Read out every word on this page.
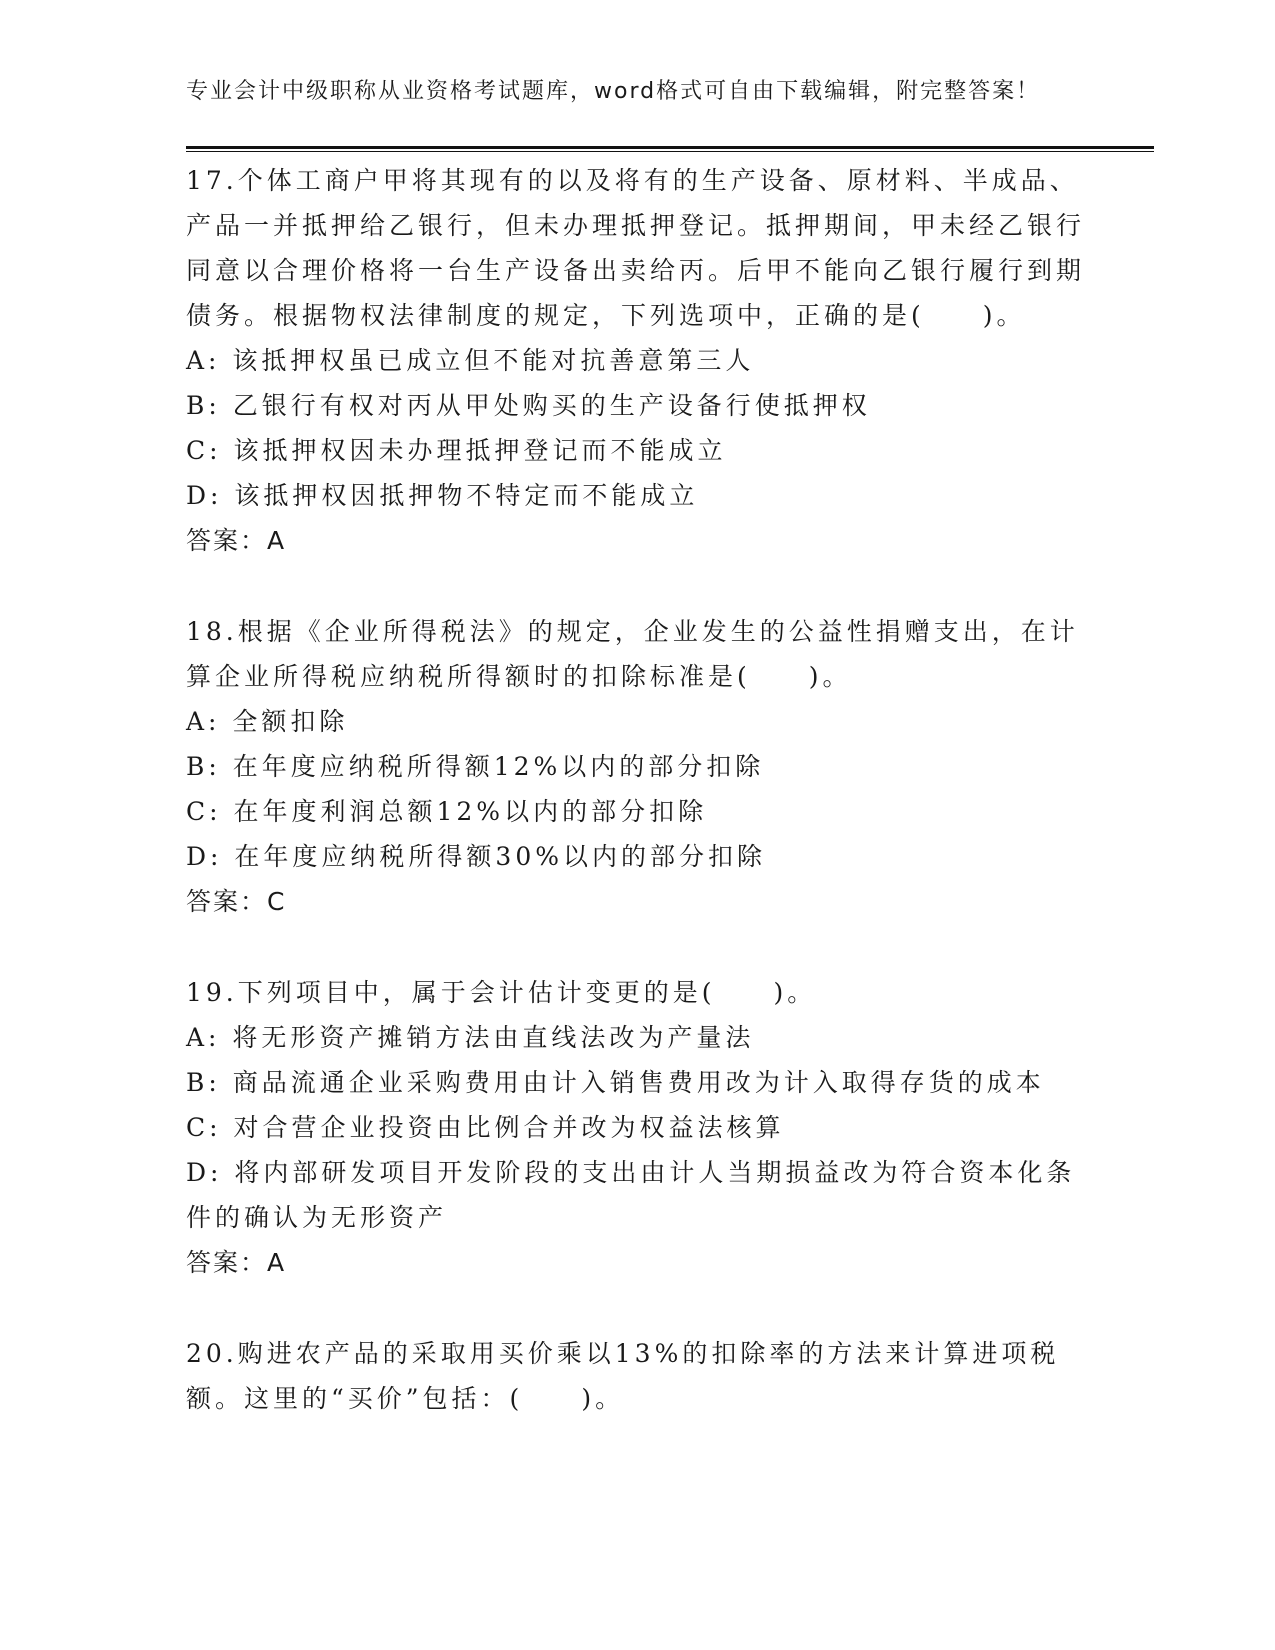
专业会计中级职称从业资格考试题库，word格式可自由下载编辑，附完整答案！

17.个体工商户甲将其现有的以及将有的生产设备、原材料、半成品、产品一并抵押给乙银行，但未办理抵押登记。抵押期间，甲未经乙银行同意以合理价格将一台生产设备出卖给丙。后甲不能向乙银行履行到期债务。根据物权法律制度的规定，下列选项中，正确的是(　　)。

A: 该抵押权虽已成立但不能对抗善意第三人

B: 乙银行有权对丙从甲处购买的生产设备行使抵押权

C: 该抵押权因未办理抵押登记而不能成立

D: 该抵押权因抵押物不特定而不能成立

答案：A

18.根据《企业所得税法》的规定，企业发生的公益性捐赠支出，在计算企业所得税应纳税所得额时的扣除标准是(　　)。

A: 全额扣除

B: 在年度应纳税所得额12%以内的部分扣除

C: 在年度利润总额12%以内的部分扣除

D: 在年度应纳税所得额30%以内的部分扣除

答案：C

19.下列项目中，属于会计估计变更的是(　　)。

A: 将无形资产摊销方法由直线法改为产量法

B: 商品流通企业采购费用由计入销售费用改为计入取得存货的成本

C: 对合营企业投资由比例合并改为权益法核算

D: 将内部研发项目开发阶段的支出由计人当期损益改为符合资本化条件的确认为无形资产

答案：A

20.购进农产品的采取用买价乘以13%的扣除率的方法来计算进项税额。这里的“买价”包括：(　　)。
